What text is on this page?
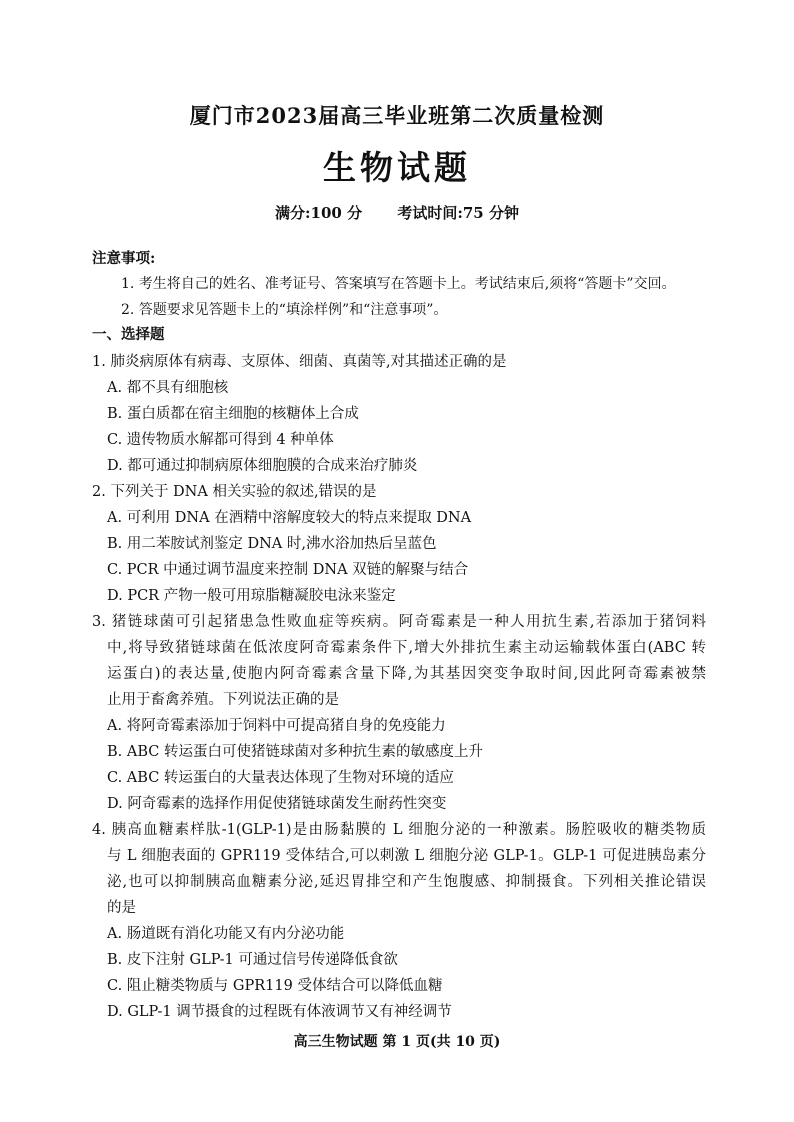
厦门市2023届高三毕业班第二次质量检测
生物试题
满分:100 分 考试时间:75 分钟
注意事项:
1. 考生将自己的姓名、准考证号、答案填写在答题卡上。考试结束后,须将“答题卡”交回。
2. 答题要求见答题卡上的“填涂样例”和“注意事项”。
一、选择题
1. 肺炎病原体有病毒、支原体、细菌、真菌等,对其描述正确的是
A. 都不具有细胞核
B. 蛋白质都在宿主细胞的核糖体上合成
C. 遗传物质水解都可得到 4 种单体
D. 都可通过抑制病原体细胞膜的合成来治疗肺炎
2. 下列关于 DNA 相关实验的叙述,错误的是
A. 可利用 DNA 在酒精中溶解度较大的特点来提取 DNA
B. 用二苯胺试剂鉴定 DNA 时,沸水浴加热后呈蓝色
C. PCR 中通过调节温度来控制 DNA 双链的解聚与结合
D. PCR 产物一般可用琼脂糖凝胶电泳来鉴定
3. 猪链球菌可引起猪患急性败血症等疾病。阿奇霉素是一种人用抗生素,若添加于猪饲料
中,将导致猪链球菌在低浓度阿奇霉素条件下,增大外排抗生素主动运输载体蛋白(ABC 转
运蛋白)的表达量,使胞内阿奇霉素含量下降,为其基因突变争取时间,因此阿奇霉素被禁
止用于畜禽养殖。下列说法正确的是
A. 将阿奇霉素添加于饲料中可提高猪自身的免疫能力
B. ABC 转运蛋白可使猪链球菌对多种抗生素的敏感度上升
C. ABC 转运蛋白的大量表达体现了生物对环境的适应
D. 阿奇霉素的选择作用促使猪链球菌发生耐药性突变
4. 胰高血糖素样肽-1(GLP-1)是由肠黏膜的 L 细胞分泌的一种激素。肠腔吸收的糖类物质
与 L 细胞表面的 GPR119 受体结合,可以刺激 L 细胞分泌 GLP-1。GLP-1 可促进胰岛素分
泌,也可以抑制胰高血糖素分泌,延迟胃排空和产生饱腹感、抑制摄食。下列相关推论错误
的是
A. 肠道既有消化功能又有内分泌功能
B. 皮下注射 GLP-1 可通过信号传递降低食欲
C. 阻止糖类物质与 GPR119 受体结合可以降低血糖
D. GLP-1 调节摄食的过程既有体液调节又有神经调节
高三生物试题 第 1 页(共 10 页)
